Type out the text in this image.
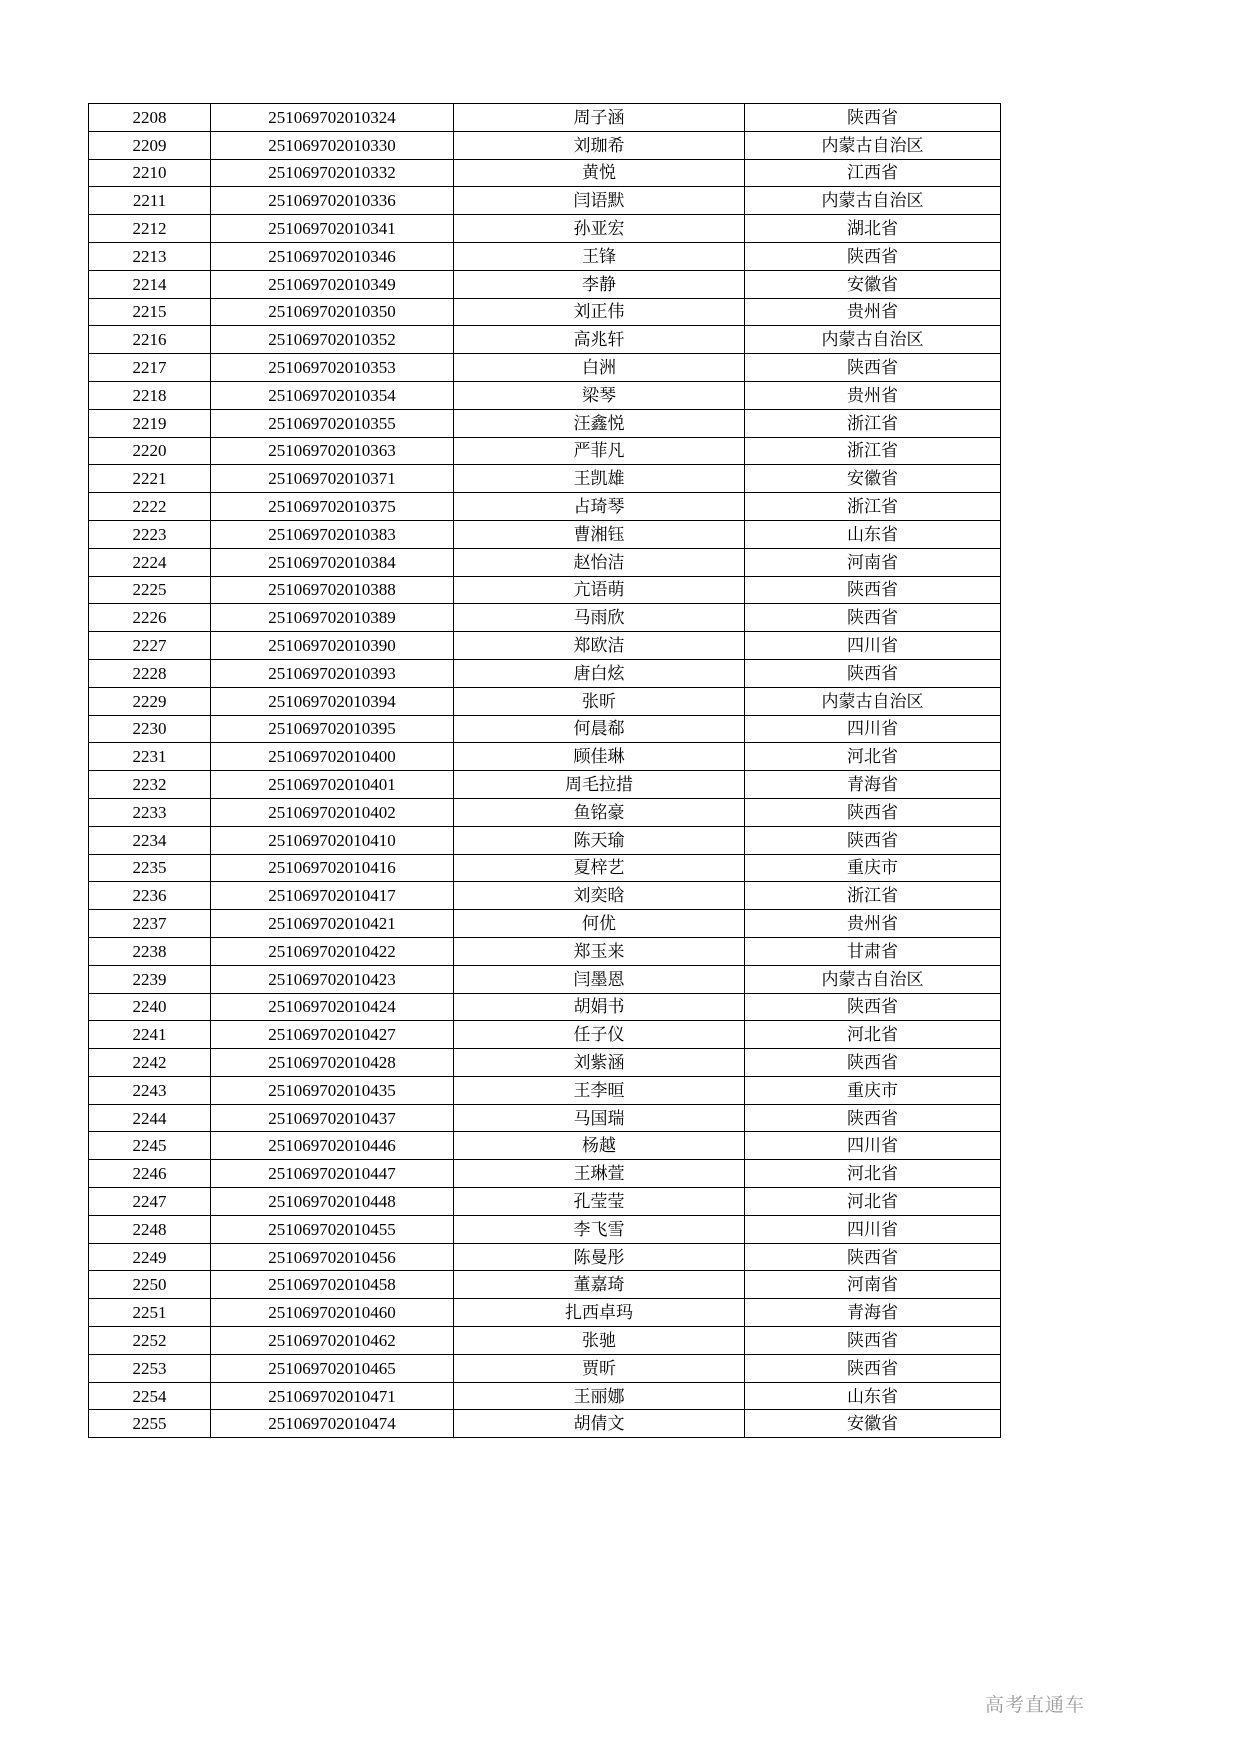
2208	251069702010324	周子涵	陕西省
2209	251069702010330	刘珈希	内蒙古自治区
2210	251069702010332	黄悦	江西省
2211	251069702010336	闫语默	内蒙古自治区
2212	251069702010341	孙亚宏	湖北省
2213	251069702010346	王锋	陕西省
2214	251069702010349	李静	安徽省
2215	251069702010350	刘正伟	贵州省
2216	251069702010352	高兆轩	内蒙古自治区
2217	251069702010353	白洲	陕西省
2218	251069702010354	梁琴	贵州省
2219	251069702010355	汪鑫悦	浙江省
2220	251069702010363	严菲凡	浙江省
2221	251069702010371	王凯雄	安徽省
2222	251069702010375	占琦琴	浙江省
2223	251069702010383	曹湘钰	山东省
2224	251069702010384	赵怡洁	河南省
2225	251069702010388	亢语萌	陕西省
2226	251069702010389	马雨欣	陕西省
2227	251069702010390	郑欧洁	四川省
2228	251069702010393	唐白炫	陕西省
2229	251069702010394	张昕	内蒙古自治区
2230	251069702010395	何晨郗	四川省
2231	251069702010400	顾佳琳	河北省
2232	251069702010401	周毛拉措	青海省
2233	251069702010402	鱼铭豪	陕西省
2234	251069702010410	陈天瑜	陕西省
2235	251069702010416	夏梓艺	重庆市
2236	251069702010417	刘奕晗	浙江省
2237	251069702010421	何优	贵州省
2238	251069702010422	郑玉来	甘肃省
2239	251069702010423	闫墨恩	内蒙古自治区
2240	251069702010424	胡娟书	陕西省
2241	251069702010427	任子仪	河北省
2242	251069702010428	刘紫涵	陕西省
2243	251069702010435	王李晅	重庆市
2244	251069702010437	马国瑞	陕西省
2245	251069702010446	杨越	四川省
2246	251069702010447	王琳萱	河北省
2247	251069702010448	孔莹莹	河北省
2248	251069702010455	李飞雪	四川省
2249	251069702010456	陈曼彤	陕西省
2250	251069702010458	董嘉琦	河南省
2251	251069702010460	扎西卓玛	青海省
2252	251069702010462	张驰	陕西省
2253	251069702010465	贾昕	陕西省
2254	251069702010471	王丽娜	山东省
2255	251069702010474	胡倩文	安徽省
高考直通车
